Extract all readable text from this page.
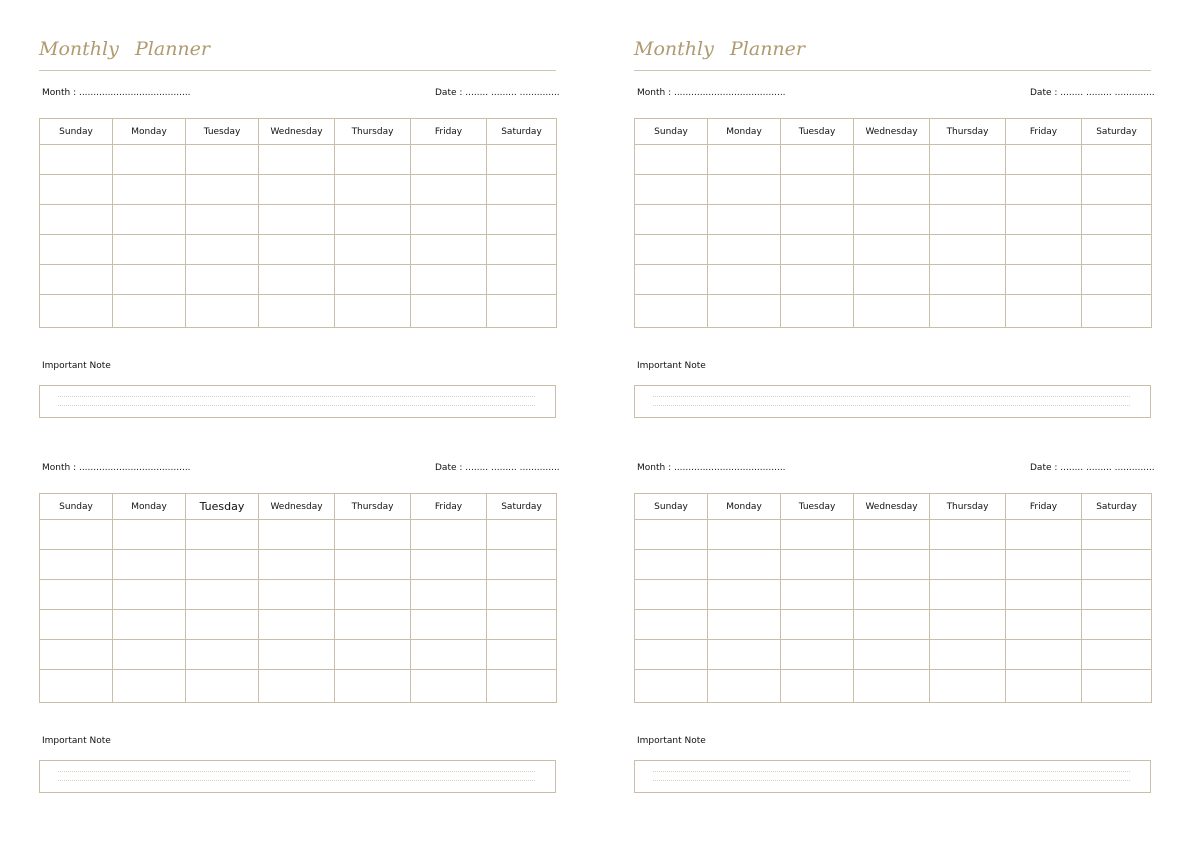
Monthly Planner
Month : .......................................	Date : ........ ......... ..............
Sunday	Monday	Tuesday	Wednesday	Thursday	Friday	Saturday

Important Note
Month : .......................................	Date : ........ ......... ..............
Sunday	Monday	Tuesday	Wednesday	Thursday	Friday	Saturday

Important Note
Monthly Planner
Month : .......................................	Date : ........ ......... ..............
Sunday	Monday	Tuesday	Wednesday	Thursday	Friday	Saturday

Important Note
Month : .......................................	Date : ........ ......... ..............
Sunday	Monday	Tuesday	Wednesday	Thursday	Friday	Saturday

Important Note
